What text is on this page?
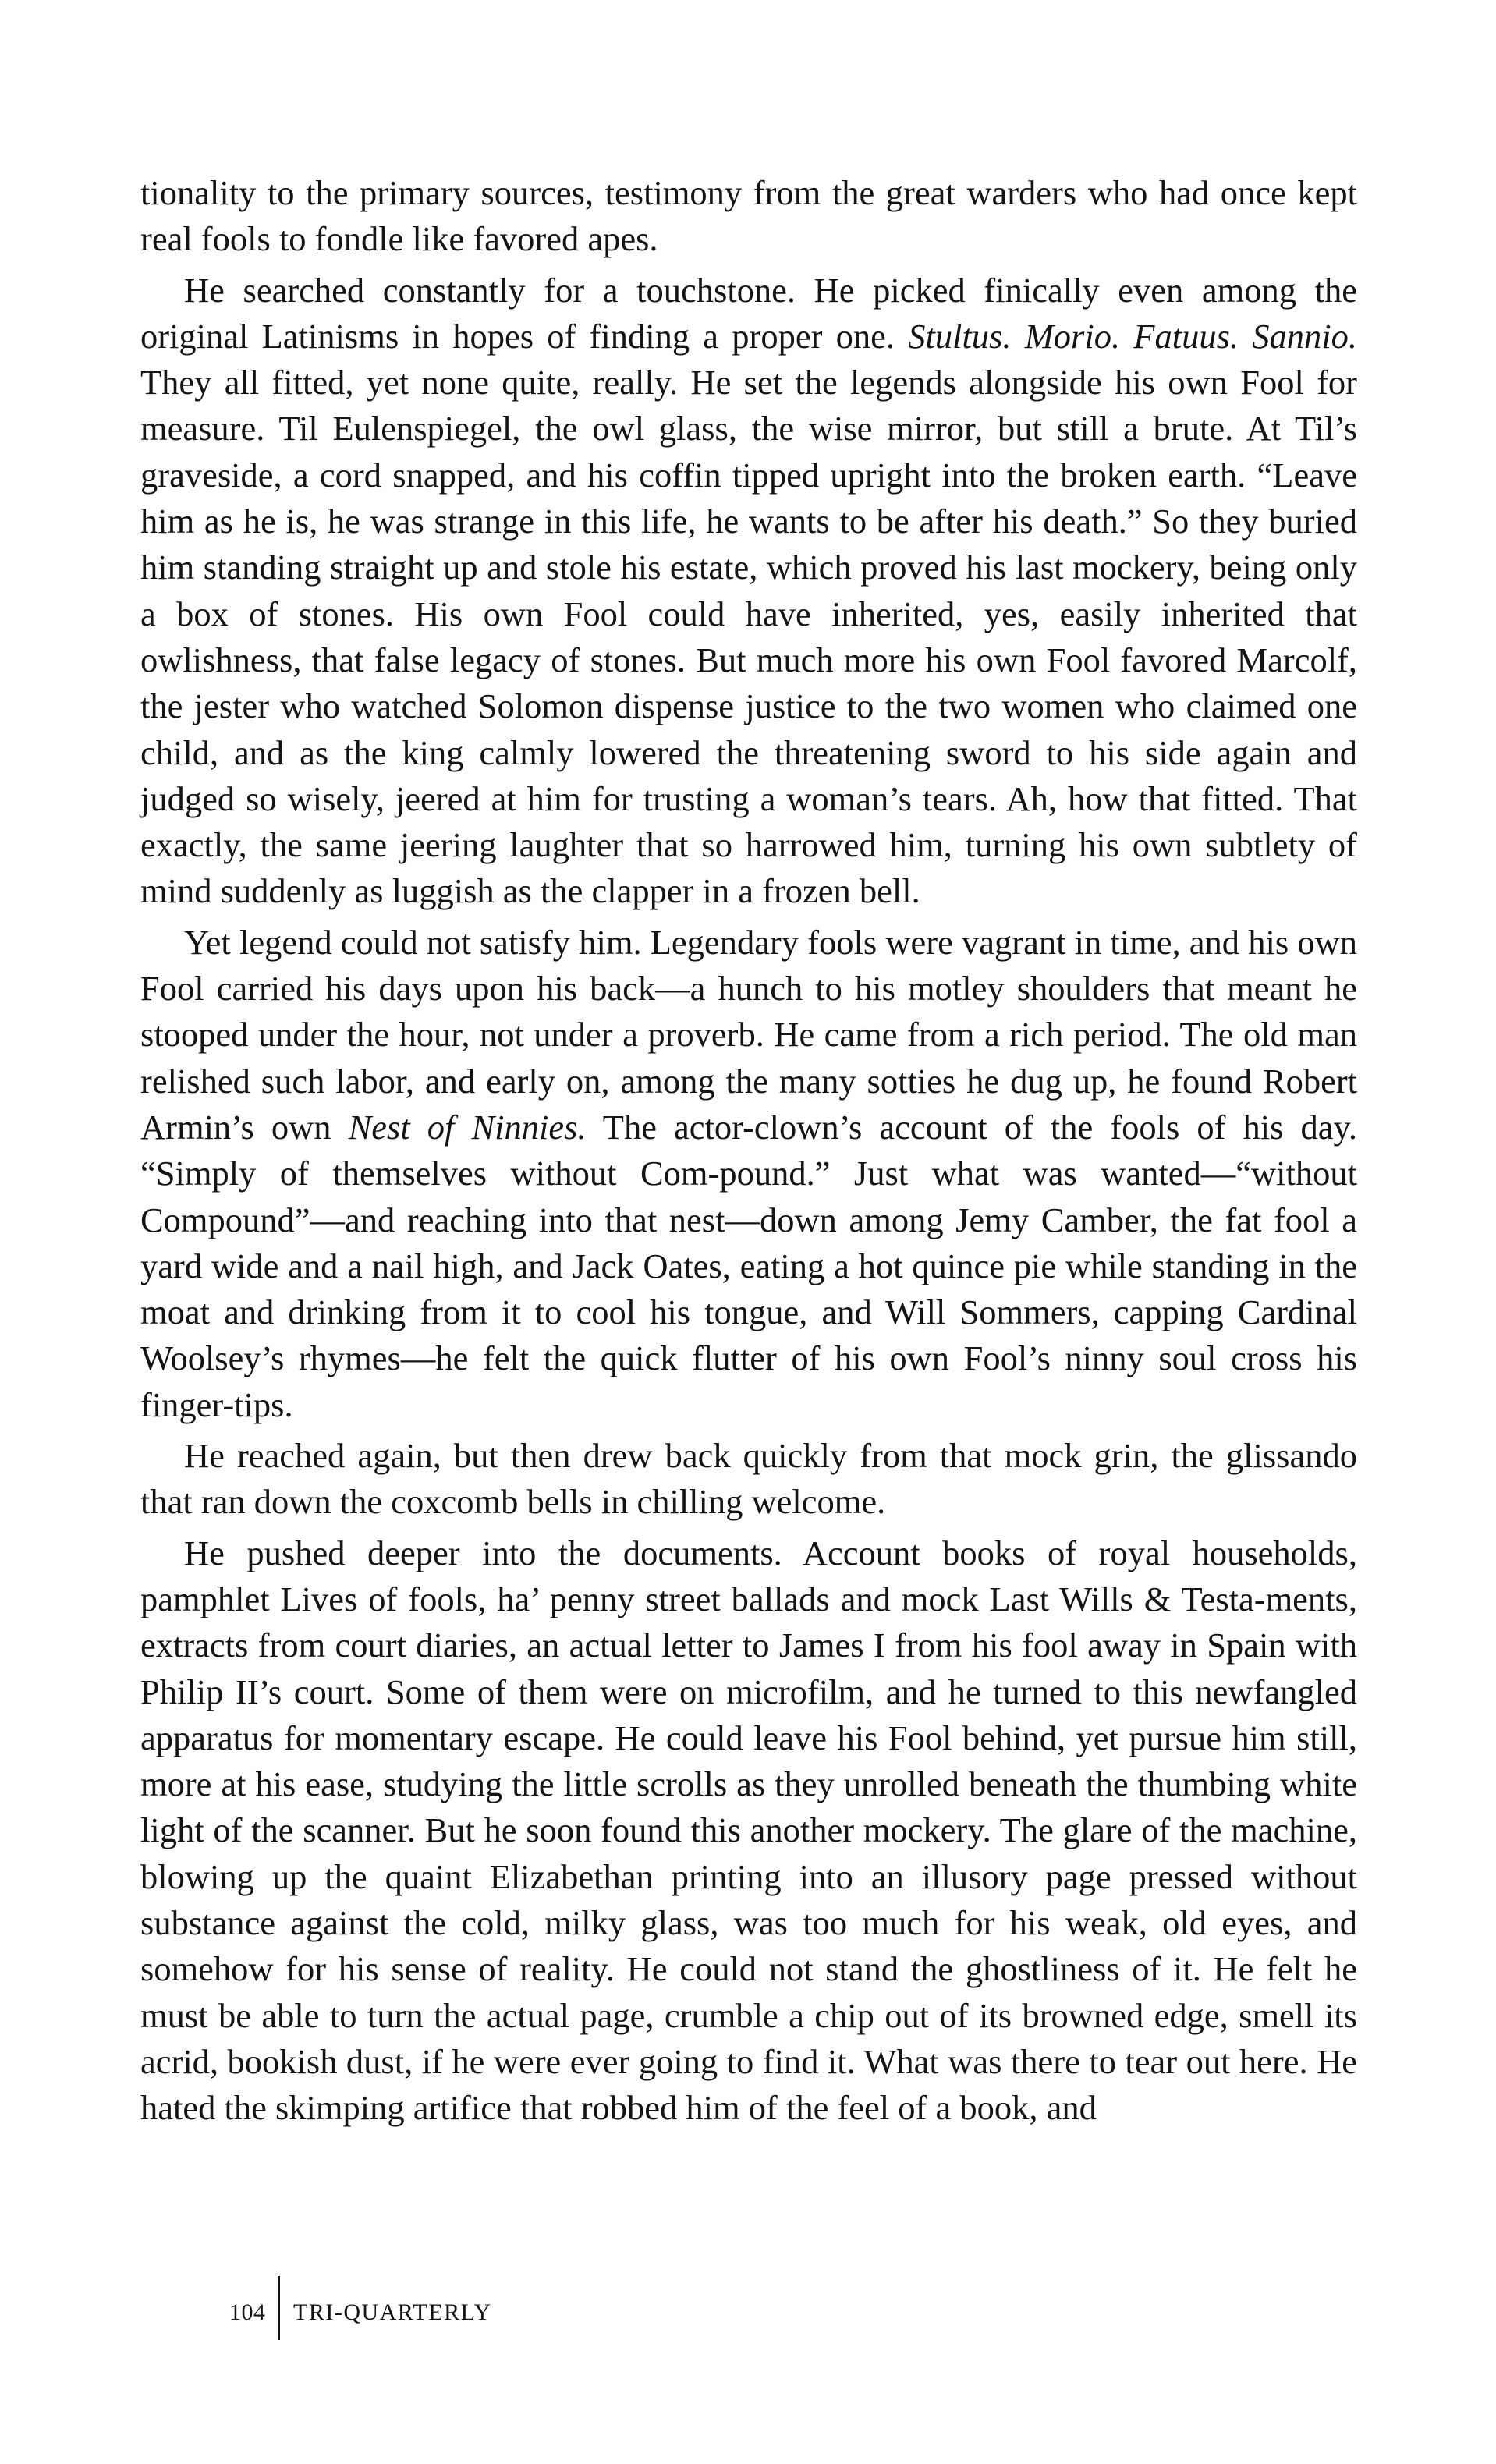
tionality to the primary sources, testimony from the great warders who had once kept real fools to fondle like favored apes.

He searched constantly for a touchstone. He picked finically even among the original Latinisms in hopes of finding a proper one. Stultus. Morio. Fatuus. Sannio. They all fitted, yet none quite, really. He set the legends alongside his own Fool for measure. Til Eulenspiegel, the owl glass, the wise mirror, but still a brute. At Til’s graveside, a cord snapped, and his coffin tipped upright into the broken earth. “Leave him as he is, he was strange in this life, he wants to be after his death.” So they buried him standing straight up and stole his estate, which proved his last mockery, being only a box of stones. His own Fool could have inherited, yes, easily inherited that owlishness, that false legacy of stones. But much more his own Fool favored Marcolf, the jester who watched Solomon dispense justice to the two women who claimed one child, and as the king calmly lowered the threatening sword to his side again and judged so wisely, jeered at him for trusting a woman’s tears. Ah, how that fitted. That exactly, the same jeering laughter that so harrowed him, turning his own subtlety of mind suddenly as luggish as the clapper in a frozen bell.

Yet legend could not satisfy him. Legendary fools were vagrant in time, and his own Fool carried his days upon his back—a hunch to his motley shoulders that meant he stooped under the hour, not under a proverb. He came from a rich period. The old man relished such labor, and early on, among the many sotties he dug up, he found Robert Armin’s own Nest of Ninnies. The actor-clown’s account of the fools of his day. “Simply of themselves without Com-pound.” Just what was wanted—“without Compound”—and reaching into that nest—down among Jemy Camber, the fat fool a yard wide and a nail high, and Jack Oates, eating a hot quince pie while standing in the moat and drinking from it to cool his tongue, and Will Sommers, capping Cardinal Woolsey’s rhymes—he felt the quick flutter of his own Fool’s ninny soul cross his finger-tips.

He reached again, but then drew back quickly from that mock grin, the glissando that ran down the coxcomb bells in chilling welcome.

He pushed deeper into the documents. Account books of royal households, pamphlet Lives of fools, ha’ penny street ballads and mock Last Wills & Testa-ments, extracts from court diaries, an actual letter to James I from his fool away in Spain with Philip II’s court. Some of them were on microfilm, and he turned to this newfangled apparatus for momentary escape. He could leave his Fool behind, yet pursue him still, more at his ease, studying the little scrolls as they unrolled beneath the thumbing white light of the scanner. But he soon found this another mockery. The glare of the machine, blowing up the quaint Elizabethan printing into an illusory page pressed without substance against the cold, milky glass, was too much for his weak, old eyes, and somehow for his sense of reality. He could not stand the ghostliness of it. He felt he must be able to turn the actual page, crumble a chip out of its browned edge, smell its acrid, bookish dust, if he were ever going to find it. What was there to tear out here. He hated the skimping artifice that robbed him of the feel of a book, and

104 TRI-QUARTERLY
